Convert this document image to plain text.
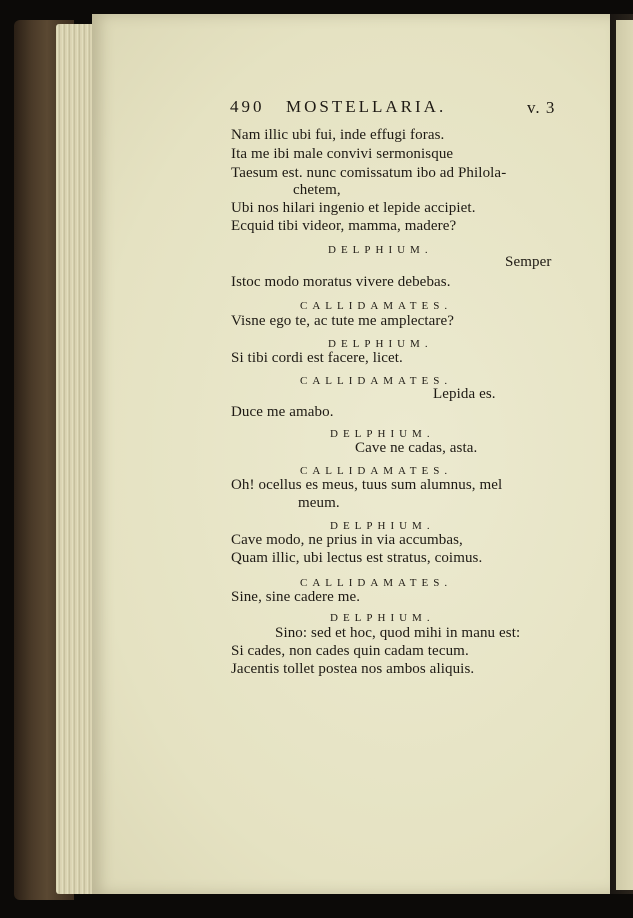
490 MOSTELLARIA.	v. 3
Nam illic ubi fui, inde effugi foras.
Ita me ibi male convivi sermonisque
Taesum est. nunc comissatum ibo ad Philola-
chetem,
Ubi nos hilari ingenio et lepide accipiet.
Ecquid tibi videor, mamma, madere?
DELPHIUM.
Semper
Istoc modo moratus vivere debebas.
CALLIDAMATES.
Visne ego te, ac tute me amplectare?
DELPHIUM.
Si tibi cordi est facere, licet.
CALLIDAMATES.
Lepida es.
Duce me amabo.
DELPHIUM.
Cave ne cadas, asta.
CALLIDAMATES.
Oh! ocellus es meus, tuus sum alumnus, mel
meum.
DELPHIUM.
Cave modo, ne prius in via accumbas,
Quam illic, ubi lectus est stratus, coimus.
CALLIDAMATES.
Sine, sine cadere me.
DELPHIUM.
Sino: sed et hoc, quod mihi in manu est:
Si cades, non cades quin cadam tecum.
Jacentis tollet postea nos ambos aliquis.
